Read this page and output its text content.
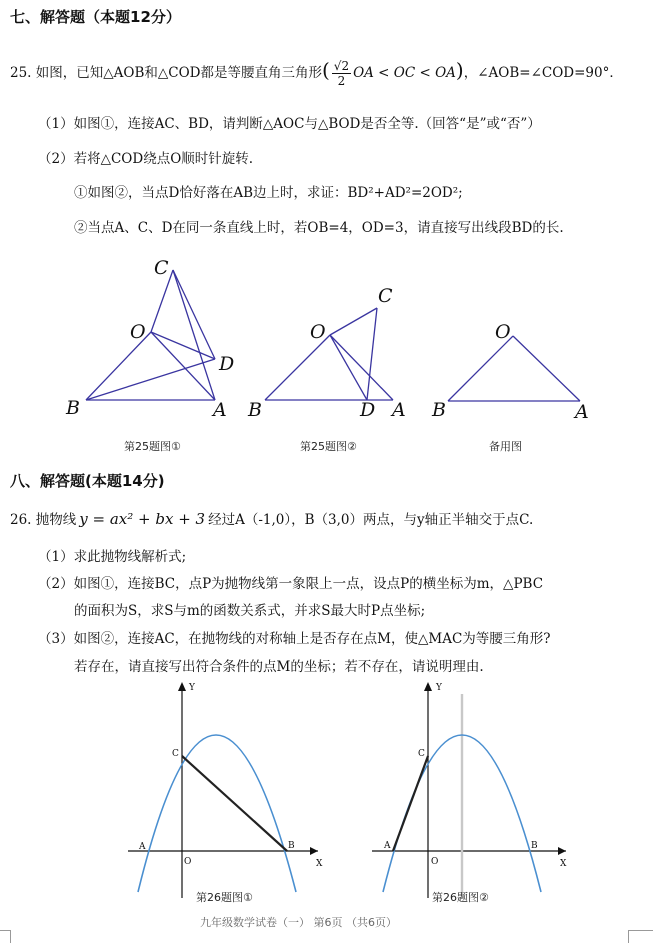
七、解答题（本题12分）
25. 如图，已知△AOB和△COD都是等腰直角三角形( $\frac{√2}{2}$ OA < OC < OA)，∠AOB=∠COD=90°．
（1）如图①，连接AC、BD，请判断△AOC与△BOD是否全等.（回答“是”或“否”）
（2）若将△COD绕点O顺时针旋转.
①如图②，当点D恰好落在AB边上时，求证：BD²+AD²=2OD²;
②当点A、C、D在同一条直线上时，若OB=4，OD=3，请直接写出线段BD的长.
C
O
D
B	A
C
O
B	D A
O
B	A
第25题图①	第25题图②	备用图
八、解答题(本题14分)
26. 抛物线 y = ax² + bx + 3 经过A（-1,0），B（3,0）两点，与y轴正半轴交于点C.
（1）求此抛物线解析式;
（2）如图①，连接BC，点P为抛物线第一象限上一点，设点P的横坐标为m，△PBC
的面积为S，求S与m的函数关系式，并求S最大时P点坐标;
（3）如图②，连接AC，在抛物线的对称轴上是否存在点M，使△MAC为等腰三角形?
若存在，请直接写出符合条件的点M的坐标；若不存在，请说明理由.
Y
X
O
A	B
C
Y
X
O
A	B
C
第26题图①	第26题图②
九年级数学试卷（一） 第6页 （共6页）
